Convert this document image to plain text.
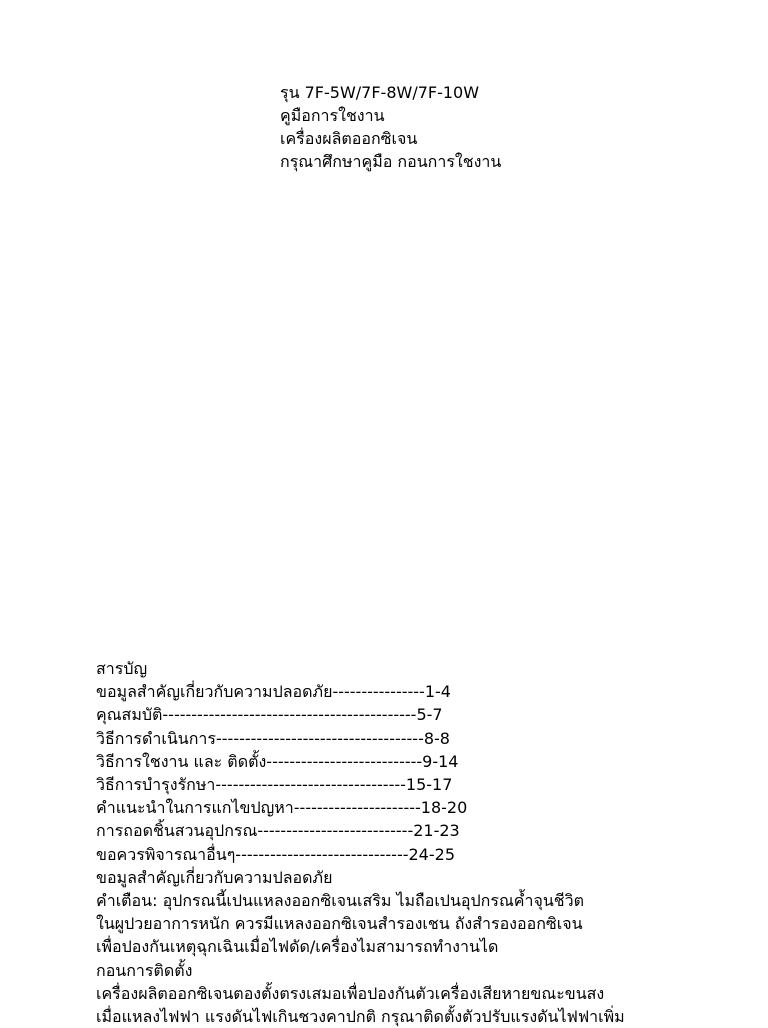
รุน 7F-5W/7F-8W/7F-10W
คูมือการใชงาน
เครื่องผลิตออกซิเจน
กรุณาศึกษาคูมือ กอนการใชงาน
สารบัญ
ขอมูลสำคัญเกี่ยวกับความปลอดภัย----------------1-4
คุณสมบัติ--------------------------------------------5-7
วิธีการดำเนินการ------------------------------------8-8
วิธีการใชงาน และ ติดตั้ง---------------------------9-14
วิธีการบำรุงรักษา---------------------------------15-17
คำแนะนำในการแกไขปญหา----------------------18-20
การถอดชิ้นสวนอุปกรณ---------------------------21-23
ขอควรพิจารณาอื่นๆ------------------------------24-25
ขอมูลสำคัญเกี่ยวกับความปลอดภัย
คำเตือน: อุปกรณนี้เปนแหลงออกซิเจนเสริม ไมถือเปนอุปกรณค้ำจุนชีวิต
ในผูปวยอาการหนัก ควรมีแหลงออกซิเจนสำรองเชน ถังสำรองออกซิเจน
เพื่อปองกันเหตุฉุกเฉินเมื่อไฟดัด/เครื่องไมสามารถทำงานได
กอนการติดตั้ง
เครื่องผลิตออกซิเจนตองตั้งตรงเสมอเพื่อปองกันตัวเครื่องเสียหายขณะขนสง
เมื่อแหลงไฟฟา แรงดันไฟเกินชวงคาปกติ กรุณาติดตั้งตัวปรับแรงดันไฟฟาเพิ่ม
